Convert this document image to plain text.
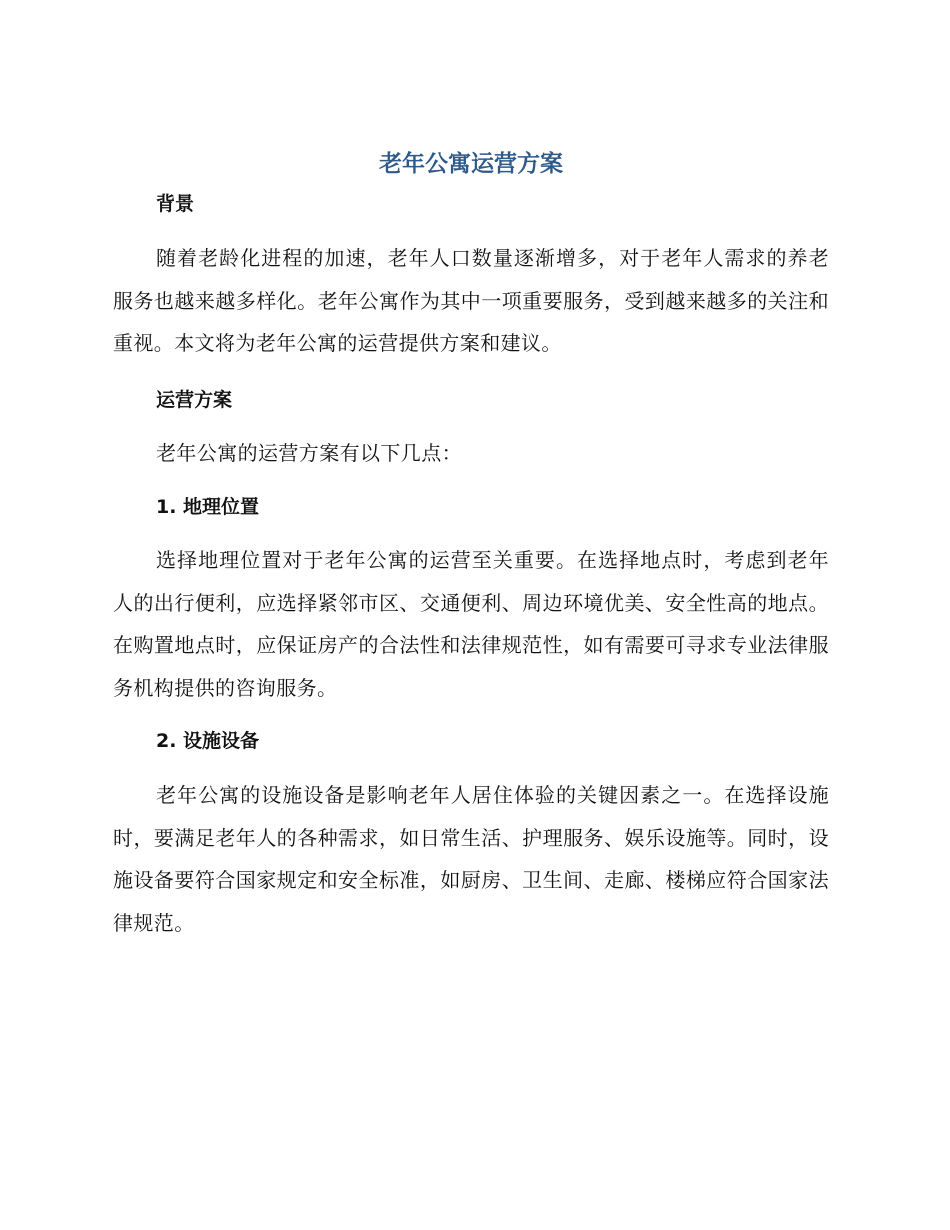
老年公寓运营方案
背景

随着老龄化进程的加速，老年人口数量逐渐增多，对于老年人需求的养老服务也越来越多样化。老年公寓作为其中一项重要服务，受到越来越多的关注和重视。本文将为老年公寓的运营提供方案和建议。

运营方案

老年公寓的运营方案有以下几点：

1. 地理位置

选择地理位置对于老年公寓的运营至关重要。在选择地点时，考虑到老年人的出行便利，应选择紧邻市区、交通便利、周边环境优美、安全性高的地点。在购置地点时，应保证房产的合法性和法律规范性，如有需要可寻求专业法律服务机构提供的咨询服务。

2. 设施设备

老年公寓的设施设备是影响老年人居住体验的关键因素之一。在选择设施时，要满足老年人的各种需求，如日常生活、护理服务、娱乐设施等。同时，设施设备要符合国家规定和安全标准，如厨房、卫生间、走廊、楼梯应符合国家法律规范。
